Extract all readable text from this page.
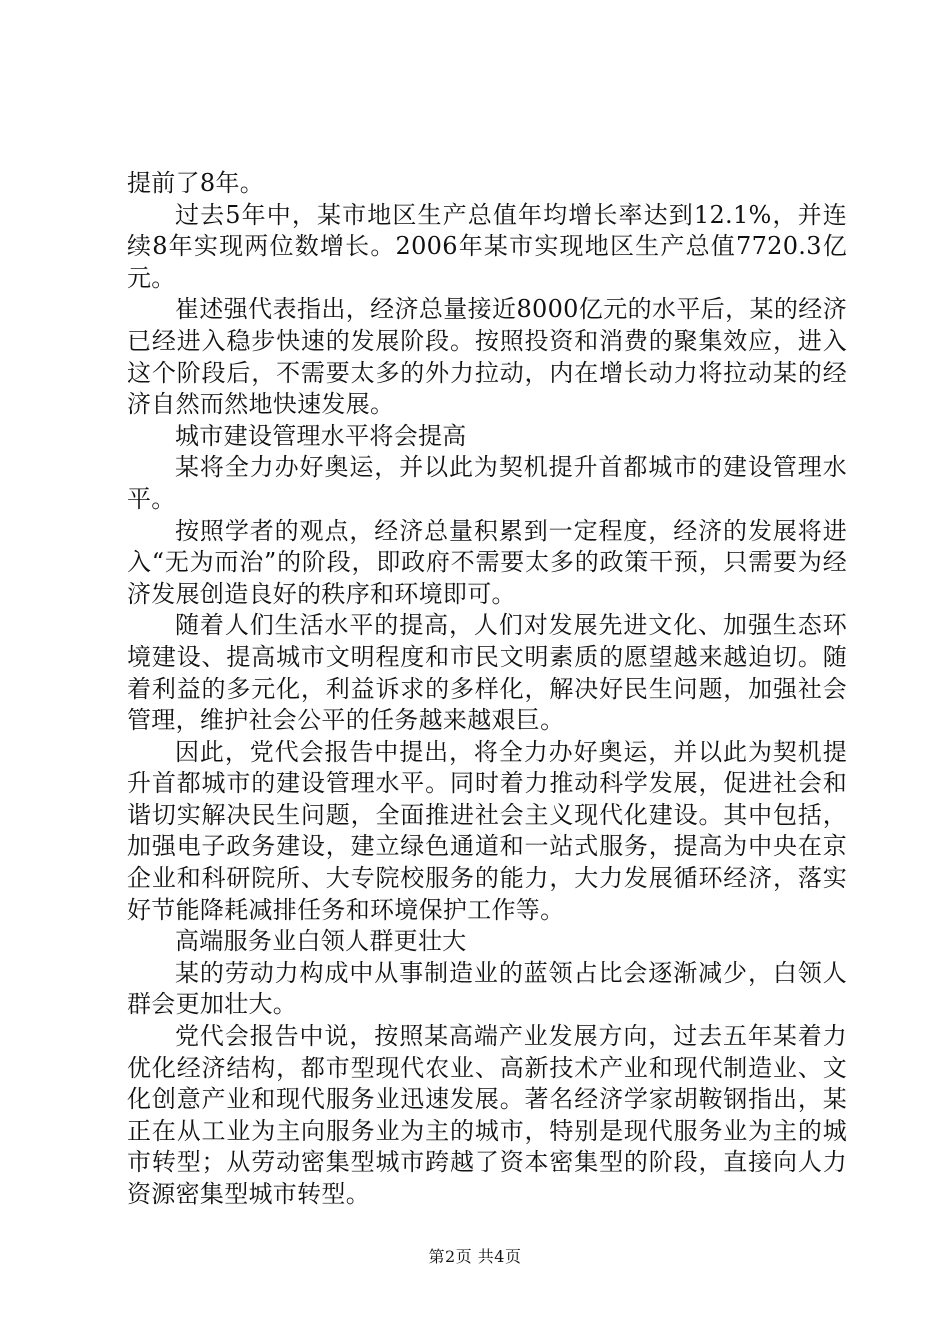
提前了8年。

过去5年中，某市地区生产总值年均增长率达到12.1%，并连续8年实现两位数增长。2006年某市实现地区生产总值7720.3亿元。

崔述强代表指出，经济总量接近8000亿元的水平后，某的经济已经进入稳步快速的发展阶段。按照投资和消费的聚集效应，进入这个阶段后，不需要太多的外力拉动，内在增长动力将拉动某的经济自然而然地快速发展。

城市建设管理水平将会提高

某将全力办好奥运，并以此为契机提升首都城市的建设管理水平。

按照学者的观点，经济总量积累到一定程度，经济的发展将进入“无为而治”的阶段，即政府不需要太多的政策干预，只需要为经济发展创造良好的秩序和环境即可。

随着人们生活水平的提高，人们对发展先进文化、加强生态环境建设、提高城市文明程度和市民文明素质的愿望越来越迫切。随着利益的多元化，利益诉求的多样化，解决好民生问题，加强社会管理，维护社会公平的任务越来越艰巨。

因此，党代会报告中提出，将全力办好奥运，并以此为契机提升首都城市的建设管理水平。同时着力推动科学发展，促进社会和谐切实解决民生问题，全面推进社会主义现代化建设。其中包括，加强电子政务建设，建立绿色通道和一站式服务，提高为中央在京企业和科研院所、大专院校服务的能力，大力发展循环经济，落实好节能降耗减排任务和环境保护工作等。

高端服务业白领人群更壮大

某的劳动力构成中从事制造业的蓝领占比会逐渐减少，白领人群会更加壮大。

党代会报告中说，按照某高端产业发展方向，过去五年某着力优化经济结构，都市型现代农业、高新技术产业和现代制造业、文化创意产业和现代服务业迅速发展。著名经济学家胡鞍钢指出，某正在从工业为主向服务业为主的城市，特别是现代服务业为主的城市转型；从劳动密集型城市跨越了资本密集型的阶段，直接向人力资源密集型城市转型。

第2页 共4页
